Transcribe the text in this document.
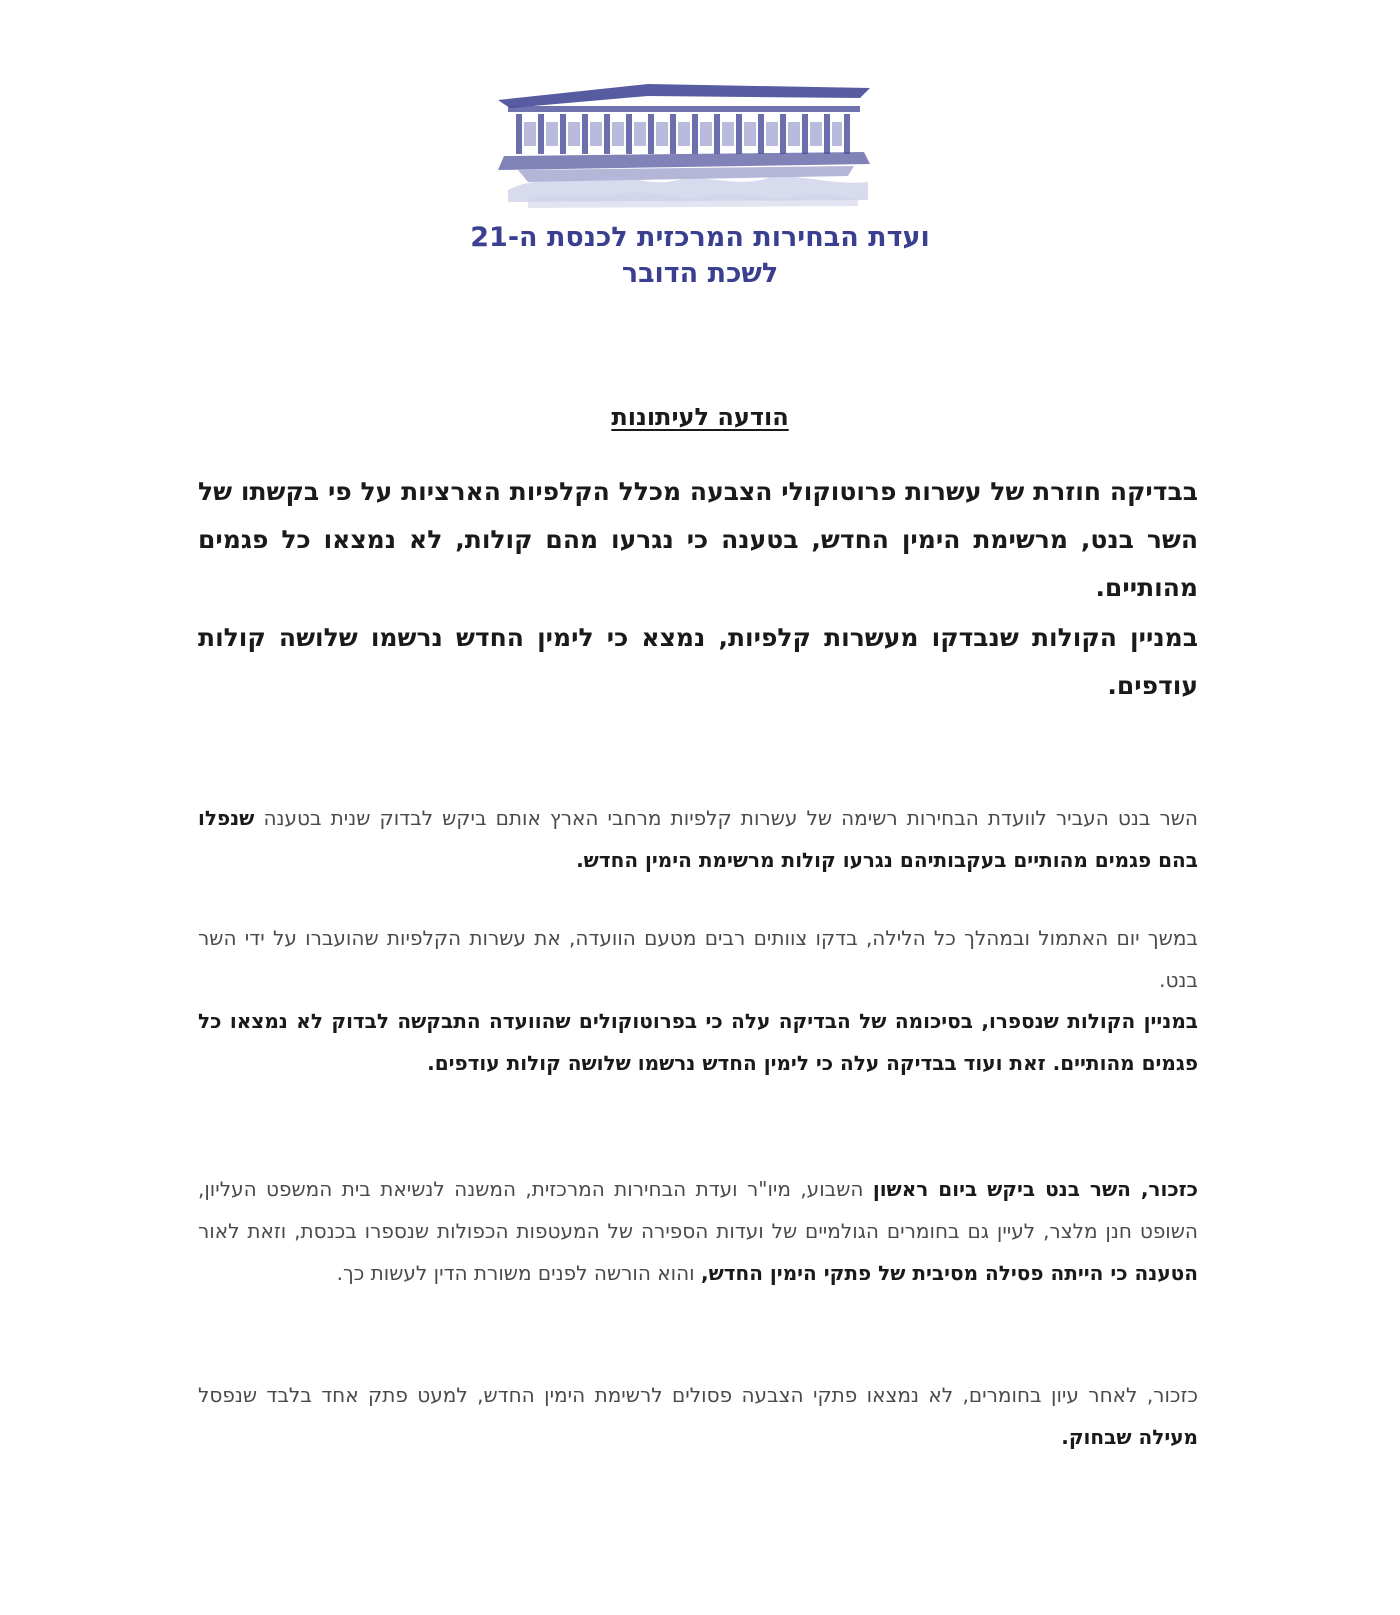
ועדת הבחירות המרכזית לכנסת ה-21
לשכת הדובר
הודעה לעיתונות

בבדיקה חוזרת של עשרות פרוטוקולי הצבעה מכלל הקלפיות הארציות על פי בקשתו של השר בנט, מרשימת הימין החדש, בטענה כי נגרעו מהם קולות, לא נמצאו כל פגמים מהותיים.

במניין הקולות שנבדקו מעשרות קלפיות, נמצא כי לימין החדש נרשמו שלושה קולות עודפים.

השר בנט העביר לוועדת הבחירות רשימה של עשרות קלפיות מרחבי הארץ אותם ביקש לבדוק שנית בטענה שנפלו בהם פגמים מהותיים בעקבותיהם נגרעו קולות מרשימת הימין החדש.

במשך יום האתמול ובמהלך כל הלילה, בדקו צוותים רבים מטעם הוועדה, את עשרות הקלפיות שהועברו על ידי השר בנט.

במניין הקולות שנספרו, בסיכומה של הבדיקה עלה כי בפרוטוקולים שהוועדה התבקשה לבדוק לא נמצאו כל פגמים מהותיים. זאת ועוד בבדיקה עלה כי לימין החדש נרשמו שלושה קולות עודפים.

כזכור, השר בנט ביקש ביום ראשון השבוע, מיו"ר ועדת הבחירות המרכזית, המשנה לנשיאת בית המשפט העליון, השופט חנן מלצר, לעיין גם בחומרים הגולמיים של ועדות הספירה של המעטפות הכפולות שנספרו בכנסת, וזאת לאור הטענה כי הייתה פסילה מסיבית של פתקי הימין החדש, והוא הורשה לפנים משורת הדין לעשות כך.

כזכור, לאחר עיון בחומרים, לא נמצאו פתקי הצבעה פסולים לרשימת הימין החדש, למעט פתק אחד בלבד שנפסל מעילה שבחוק.
